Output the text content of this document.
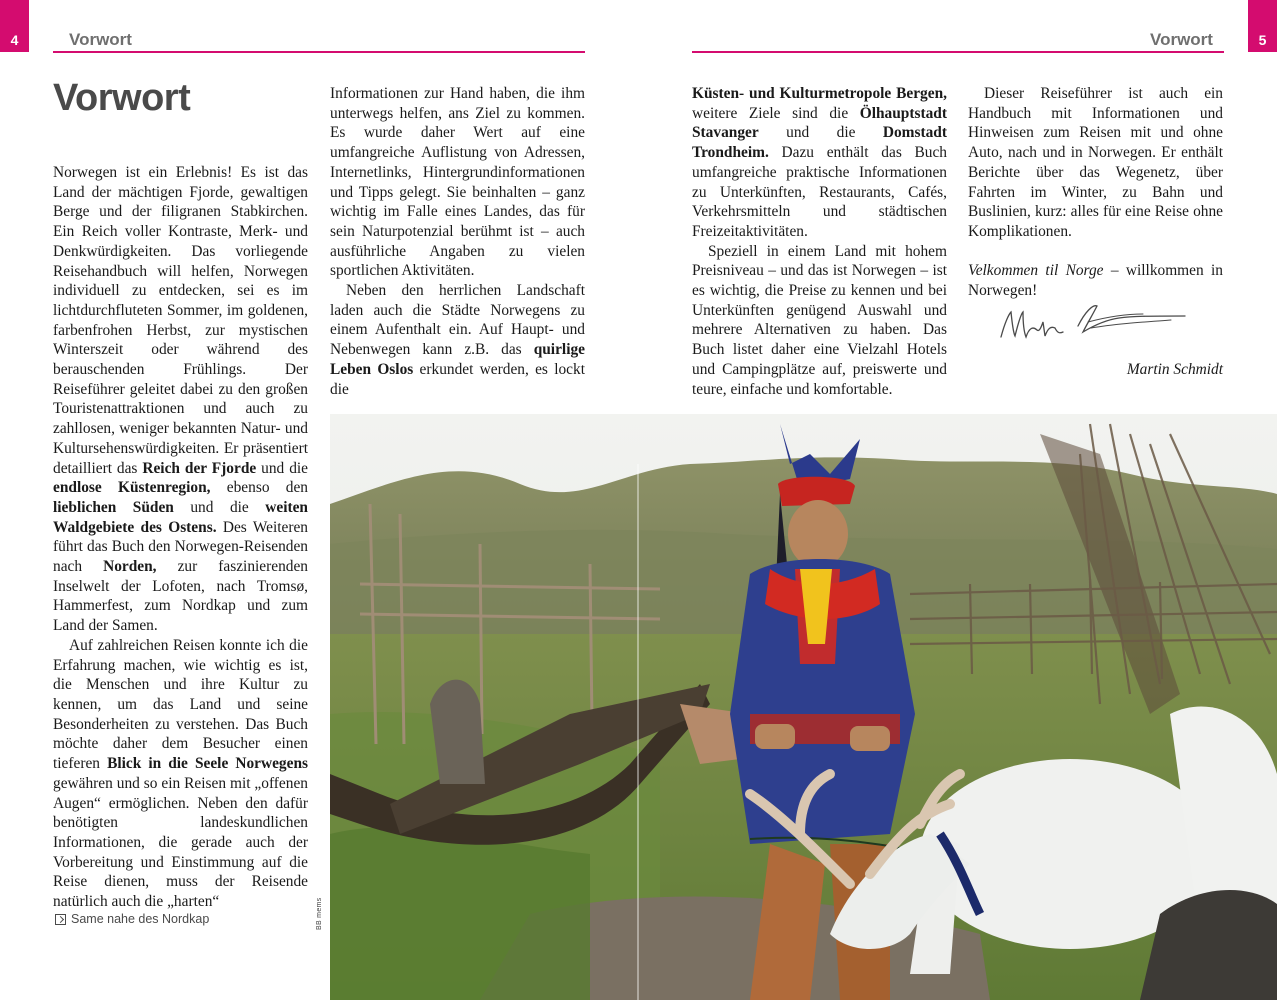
4	Vorwort	5
Vorwort
Vorwort

Norwegen ist ein Erlebnis! Es ist das Land der mächtigen Fjorde, gewaltigen Berge und der filigranen Stabkirchen. Ein Reich voller Kontraste, Merk- und Denkwürdigkeiten. Das vorliegende Reisehandbuch will helfen, Norwegen individuell zu entdecken, sei es im lichtdurchfluteten Sommer, im goldenen, farbenfrohen Herbst, zur mystischen Winterszeit oder während des berauschenden Frühlings. Der Reiseführer geleitet dabei zu den großen Touristenattraktionen und auch zu zahllosen, weniger bekannten Natur- und Kultursehenswürdigkeiten. Er präsentiert detailliert das Reich der Fjorde und die endlose Küstenregion, ebenso den lieblichen Süden und die weiten Waldgebiete des Ostens. Des Weiteren führt das Buch den Norwegen-Reisenden nach Norden, zur faszinierenden Inselwelt der Lofoten, nach Tromsø, Hammerfest, zum Nordkap und zum Land der Samen.

Auf zahlreichen Reisen konnte ich die Erfahrung machen, wie wichtig es ist, die Menschen und ihre Kultur zu kennen, um das Land und seine Besonderheiten zu verstehen. Das Buch möchte daher dem Besucher einen tieferen Blick in die Seele Norwegens gewähren und so ein Reisen mit „offenen Augen“ ermöglichen. Neben den dafür benötigten landeskundlichen Informationen, die gerade auch der Vorbereitung und Einstimmung auf die Reise dienen, muss der Reisende natürlich auch die „harten“

Informationen zur Hand haben, die ihm unterwegs helfen, ans Ziel zu kommen. Es wurde daher Wert auf eine umfangreiche Auflistung von Adressen, Internetlinks, Hintergrundinformationen und Tipps gelegt. Sie beinhalten – ganz wichtig im Falle eines Landes, das für sein Naturpotenzial berühmt ist – auch ausführliche Angaben zu vielen sportlichen Aktivitäten.

Neben den herrlichen Landschaft laden auch die Städte Norwegens zu einem Aufenthalt ein. Auf Haupt- und Nebenwegen kann z.B. das quirlige Leben Oslos erkundet werden, es lockt die

Küsten- und Kulturmetropole Bergen, weitere Ziele sind die Ölhauptstadt Stavanger und die Domstadt Trondheim. Dazu enthält das Buch umfangreiche praktische Informationen zu Unterkünften, Restaurants, Cafés, Verkehrsmitteln und städtischen Freizeitaktivitäten.

Speziell in einem Land mit hohem Preisniveau – und das ist Norwegen – ist es wichtig, die Preise zu kennen und bei Unterkünften genügend Auswahl und mehrere Alternativen zu haben. Das Buch listet daher eine Vielzahl Hotels und Campingplätze auf, preiswerte und teure, einfache und komfortable.

Dieser Reiseführer ist auch ein Handbuch mit Informationen und Hinweisen zum Reisen mit und ohne Auto, nach und in Norwegen. Er enthält Berichte über das Wegenetz, über Fahrten im Winter, zu Bahn und Buslinien, kurz: alles für eine Reise ohne Komplikationen.

Velkommen til Norge – willkommen in Norwegen!

Martin Schmidt
Same nahe des Nordkap	BB mems
